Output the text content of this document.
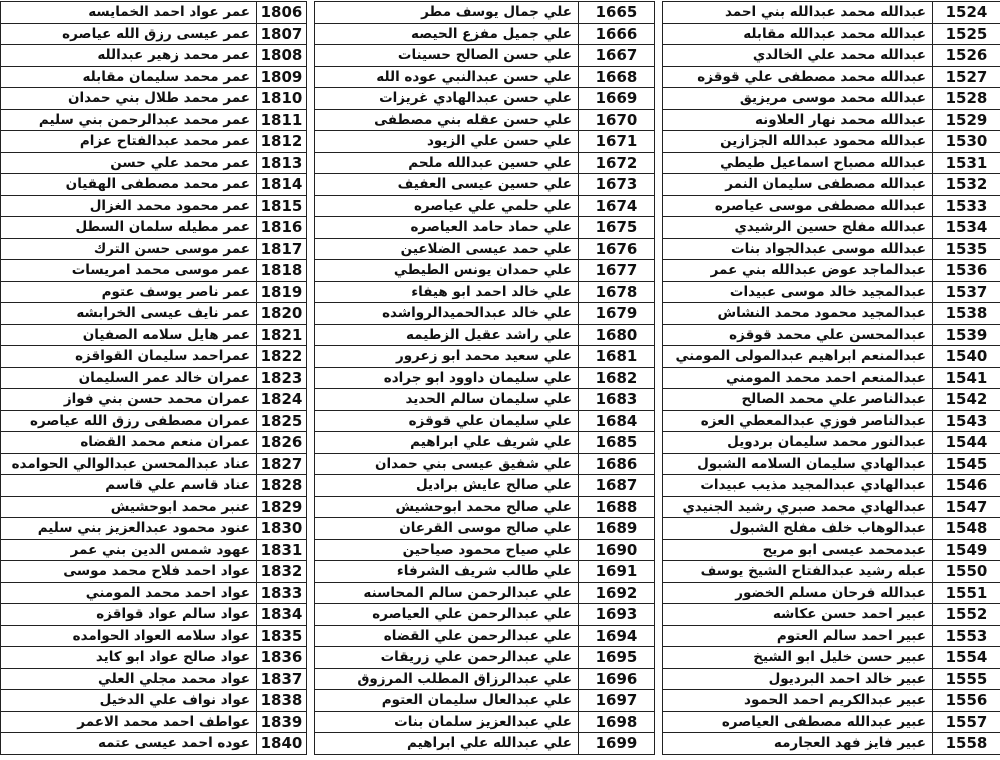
عمر عواد احمد الخمايسه	1806
عمر عيسى رزق الله عياصره	1807
عمر محمد زهير عبدالله	1808
عمر محمد سليمان مقابله	1809
عمر محمد طلال بني حمدان	1810
عمر محمد عبدالرحمن بني سليم	1811
عمر محمد عبدالفتاح عزام	1812
عمر محمد علي حسن	1813
عمر محمد مصطفى الهقيان	1814
عمر محمود محمد الغزال	1815
عمر مطيله سلمان السطل	1816
عمر موسى حسن الترك	1817
عمر موسى محمد امريسات	1818
عمر ناصر يوسف عتوم	1819
عمر نايف عيسى الخرابشه	1820
عمر هايل سلامه الصفيان	1821
عمراحمد سليمان القواقزه	1822
عمران خالد عمر السليمان	1823
عمران محمد حسن بني فواز	1824
عمران مصطفى رزق الله عياصره	1825
عمران منعم محمد القضاه	1826
عناد عبدالمحسن عبدالوالي الحوامده	1827
عناد قاسم علي قاسم	1828
عنبر محمد ابوحشيش	1829
عنود محمود عبدالعزيز بني سليم	1830
عهود شمس الدين بني عمر	1831
عواد احمد فلاح محمد موسى	1832
عواد احمد محمد المومني	1833
عواد سالم عواد قواقزه	1834
عواد سلامه العواد الحوامده	1835
عواد صالح عواد ابو كايد	1836
عواد محمد مجلي العلي	1837
عواد نواف علي الدخيل	1838
عواطف احمد محمد الاعمر	1839
عوده احمد عيسى عتمه	1840
علي جمال يوسف مطر	1665
علي جميل مفزع الحيصه	1666
علي حسن الصالح حسينات	1667
علي حسن عبدالنبي عوده الله	1668
علي حسن عبدالهادي غريزات	1669
علي حسن عقله بني مصطفى	1670
علي حسن علي الزيود	1671
علي حسين عبدالله ملحم	1672
علي حسين عيسى العفيف	1673
علي حلمي علي عياصره	1674
علي حماد حامد العياصره	1675
علي حمد عيسى الضلاعين	1676
علي حمدان يونس الطيطي	1677
علي خالد احمد ابو هيفاء	1678
علي خالد عبدالحميدالرواشده	1679
علي راشد عقيل الزطيمه	1680
علي سعيد محمد ابو زعرور	1681
علي سليمان داوود ابو جراده	1682
علي سليمان سالم الحديد	1683
علي سليمان علي قوقزه	1684
علي شريف علي ابراهيم	1685
علي شفيق عيسى بني حمدان	1686
علي صالح عايش براديل	1687
علي صالح محمد ابوحشيش	1688
علي صالح موسى القرعان	1689
علي صياح محمود صياحين	1690
علي طالب شريف الشرفاء	1691
علي عبدالرحمن سالم المحاسنه	1692
علي عبدالرحمن علي العياصره	1693
علي عبدالرحمن علي القضاه	1694
علي عبدالرحمن علي زريقات	1695
علي عبدالرزاق المطلب المرزوق	1696
علي عبدالعال سليمان العتوم	1697
علي عبدالعزيز سلمان بنات	1698
علي عبدالله علي ابراهيم	1699
عبدالله محمد عبدالله بني احمد	1524
عبدالله محمد عبدالله مقابله	1525
عبدالله محمد علي الخالدي	1526
عبدالله محمد مصطفى علي قوقزه	1527
عبدالله محمد موسى مريزيق	1528
عبدالله محمد نهار العلاونه	1529
عبدالله محمود عبدالله الجزازين	1530
عبدالله مصباح اسماعيل طيطي	1531
عبدالله مصطفى سليمان النمر	1532
عبدالله مصطفى موسى عياصره	1533
عبدالله مفلح حسين الرشيدي	1534
عبدالله موسى عبدالجواد بنات	1535
عبدالماجد عوض عبدالله بني عمر	1536
عبدالمجيد خالد موسى عبيدات	1537
عبدالمجيد محمود محمد النشاش	1538
عبدالمحسن علي محمد قوقزه	1539
عبدالمنعم ابراهيم عبدالمولى المومني	1540
عبدالمنعم احمد محمد المومني	1541
عبدالناصر علي محمد الصالح	1542
عبدالناصر فوزي عبدالمعطي العزه	1543
عبدالنور محمد سليمان بردويل	1544
عبدالهادي سليمان السلامه الشبول	1545
عبدالهادي عبدالمجيد مذيب عبيدات	1546
عبدالهادي محمد صبري رشيد الجنيدي	1547
عبدالوهاب خلف مفلح الشبول	1548
عبدمحمد عيسى ابو مريح	1549
عبله رشيد عبدالفتاح الشيخ يوسف	1550
عبدالله فرحان مسلم الخضور	1551
عبير احمد حسن عكاشه	1552
عبير احمد سالم العتوم	1553
عبير حسن خليل ابو الشيخ	1554
عبير خالد احمد البرديول	1555
عبير عبدالكريم احمد الحمود	1556
عبير عبدالله مصطفى العياصره	1557
عبير فايز فهد العجارمه	1558
